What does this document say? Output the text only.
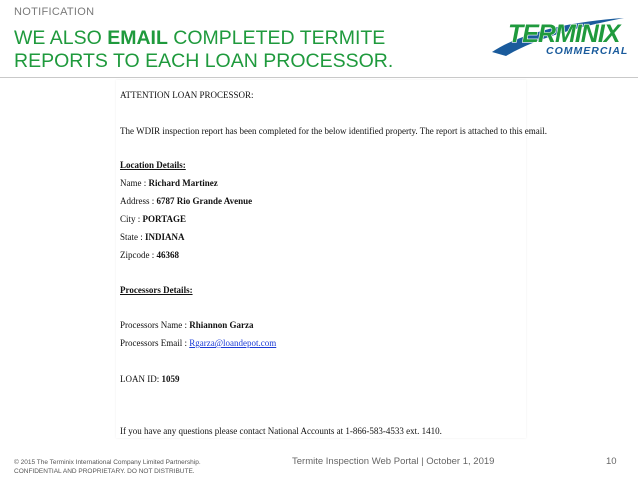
NOTIFICATION
WE ALSO EMAIL COMPLETED TERMITE REPORTS TO EACH LOAN PROCESSOR.
TERMINIX
COMMERCIAL
ATTENTION LOAN PROCESSOR:
The WDIR inspection report has been completed for the below identified property. The report is attached to this email.
Location Details:
Name : Richard Martinez
Address : 6787 Rio Grande Avenue
City : PORTAGE
State : INDIANA
Zipcode : 46368
Processors Details:
Processors Name : Rhiannon Garza
Processors Email : Rgarza@loandepot.com
LOAN ID: 1059
If you have any questions please contact National Accounts at 1-866-583-4533 ext. 1410.
© 2015 The Terminix International Company Limited Partnership.
CONFIDENTIAL AND PROPRIETARY. DO NOT DISTRIBUTE.
Termite Inspection Web Portal | October 1, 2019	10
